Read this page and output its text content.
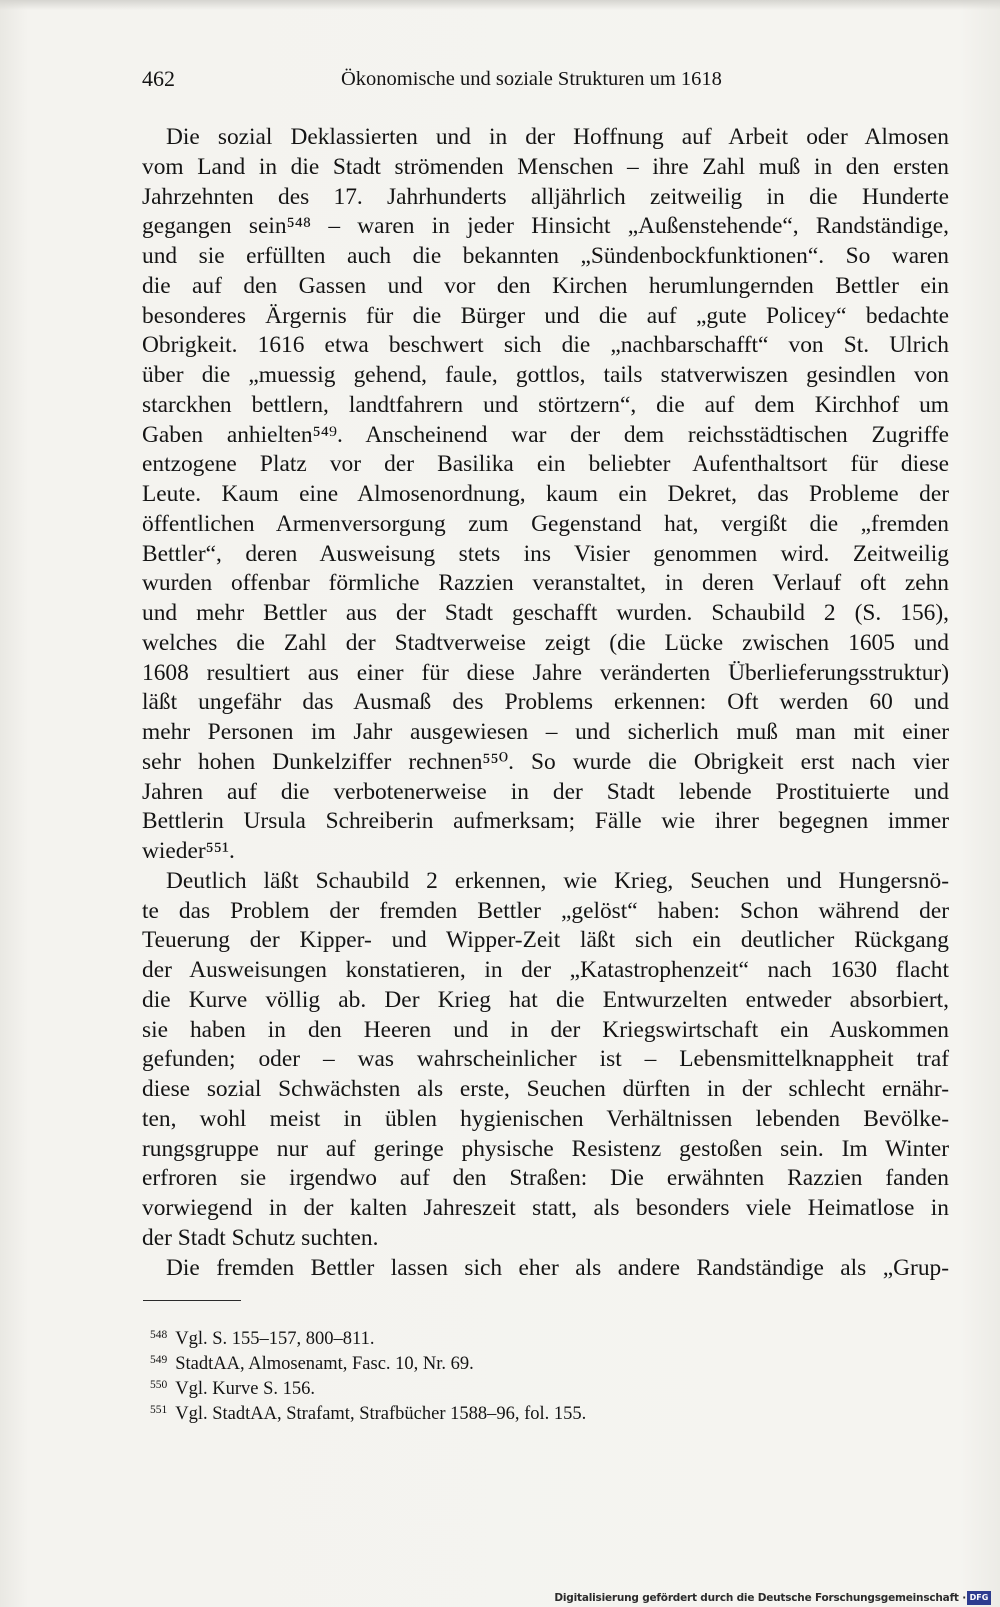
462	Ökonomische und soziale Strukturen um 1618
Die sozial Deklassierten und in der Hoffnung auf Arbeit oder Almosen
vom Land in die Stadt strömenden Menschen – ihre Zahl muß in den ersten
Jahrzehnten des 17. Jahrhunderts alljährlich zeitweilig in die Hunderte
gegangen sein⁵⁴⁸ – waren in jeder Hinsicht „Außenstehende“, Randständige,
und sie erfüllten auch die bekannten „Sündenbockfunktionen“. So waren
die auf den Gassen und vor den Kirchen herumlungernden Bettler ein
besonderes Ärgernis für die Bürger und die auf „gute Policey“ bedachte
Obrigkeit. 1616 etwa beschwert sich die „nachbarschafft“ von St. Ulrich
über die „muessig gehend, faule, gottlos, tails statverwiszen gesindlen von
starckhen bettlern, landtfahrern und störtzern“, die auf dem Kirchhof um
Gaben anhielten⁵⁴⁹. Anscheinend war der dem reichsstädtischen Zugriffe
entzogene Platz vor der Basilika ein beliebter Aufenthaltsort für diese
Leute. Kaum eine Almosenordnung, kaum ein Dekret, das Probleme der
öffentlichen Armenversorgung zum Gegenstand hat, vergißt die „fremden
Bettler“, deren Ausweisung stets ins Visier genommen wird. Zeitweilig
wurden offenbar förmliche Razzien veranstaltet, in deren Verlauf oft zehn
und mehr Bettler aus der Stadt geschafft wurden. Schaubild 2 (S. 156),
welches die Zahl der Stadtverweise zeigt (die Lücke zwischen 1605 und
1608 resultiert aus einer für diese Jahre veränderten Überlieferungsstruktur)
läßt ungefähr das Ausmaß des Problems erkennen: Oft werden 60 und
mehr Personen im Jahr ausgewiesen – und sicherlich muß man mit einer
sehr hohen Dunkelziffer rechnen⁵⁵⁰. So wurde die Obrigkeit erst nach vier
Jahren auf die verbotenerweise in der Stadt lebende Prostituierte und
Bettlerin Ursula Schreiberin aufmerksam; Fälle wie ihrer begegnen immer
wieder⁵⁵¹.
Deutlich läßt Schaubild 2 erkennen, wie Krieg, Seuchen und Hungersnö-
te das Problem der fremden Bettler „gelöst“ haben: Schon während der
Teuerung der Kipper- und Wipper-Zeit läßt sich ein deutlicher Rückgang
der Ausweisungen konstatieren, in der „Katastrophenzeit“ nach 1630 flacht
die Kurve völlig ab. Der Krieg hat die Entwurzelten entweder absorbiert,
sie haben in den Heeren und in der Kriegswirtschaft ein Auskommen
gefunden; oder – was wahrscheinlicher ist – Lebensmittelknappheit traf
diese sozial Schwächsten als erste, Seuchen dürften in der schlecht ernähr-
ten, wohl meist in üblen hygienischen Verhältnissen lebenden Bevölke-
rungsgruppe nur auf geringe physische Resistenz gestoßen sein. Im Winter
erfroren sie irgendwo auf den Straßen: Die erwähnten Razzien fanden
vorwiegend in der kalten Jahreszeit statt, als besonders viele Heimatlose in
der Stadt Schutz suchten.
Die fremden Bettler lassen sich eher als andere Randständige als „Grup-
$^{548}$ Vgl. S. 155–157, 800–811.
$^{549}$ StadtAA, Almosenamt, Fasc. 10, Nr. 69.
$^{550}$ Vgl. Kurve S. 156.
$^{551}$ Vgl. StadtAA, Strafamt, Strafbücher 1588–96, fol. 155.
Digitalisierung gefördert durch die Deutsche Forschungsgemeinschaft · DFG
